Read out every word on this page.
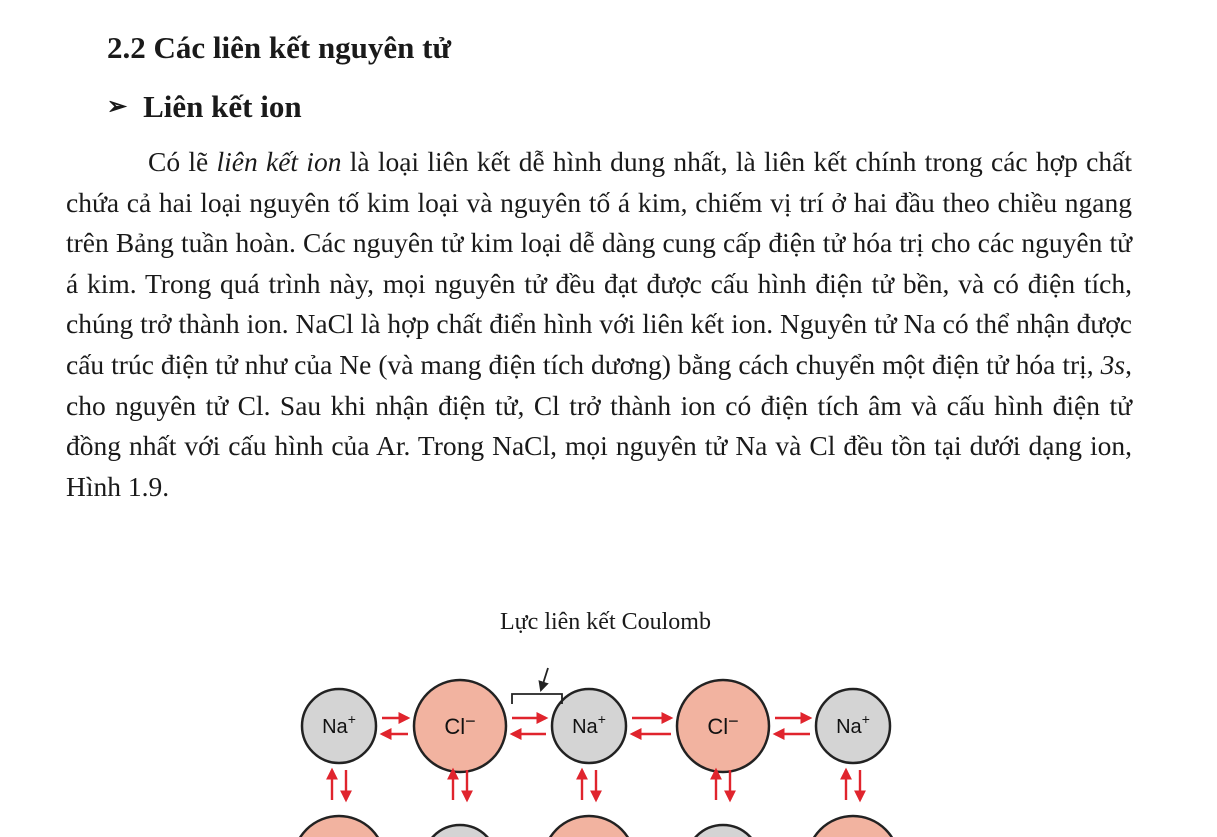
2.2 Các liên kết nguyên tử
➢ Liên kết ion

Có lẽ liên kết ion là loại liên kết dễ hình dung nhất, là liên kết chính trong các hợp chất chứa cả hai loại nguyên tố kim loại và nguyên tố á kim, chiếm vị trí ở hai đầu theo chiều ngang trên Bảng tuần hoàn. Các nguyên tử kim loại dễ dàng cung cấp điện tử hóa trị cho các nguyên tử á kim. Trong quá trình này, mọi nguyên tử đều đạt được cấu hình điện tử bền, và có điện tích, chúng trở thành ion. NaCl là hợp chất điển hình với liên kết ion. Nguyên tử Na có thể nhận được cấu trúc điện tử như của Ne (và mang điện tích dương) bằng cách chuyển một điện tử hóa trị, 3s, cho nguyên tử Cl. Sau khi nhận điện tử, Cl trở thành ion có điện tích âm và cấu hình điện tử đồng nhất với cấu hình của Ar. Trong NaCl, mọi nguyên tử Na và Cl đều tồn tại dưới dạng ion, Hình 1.9.

Lực liên kết Coulomb

Na+	Cl−	Na+	Cl−	Na+
